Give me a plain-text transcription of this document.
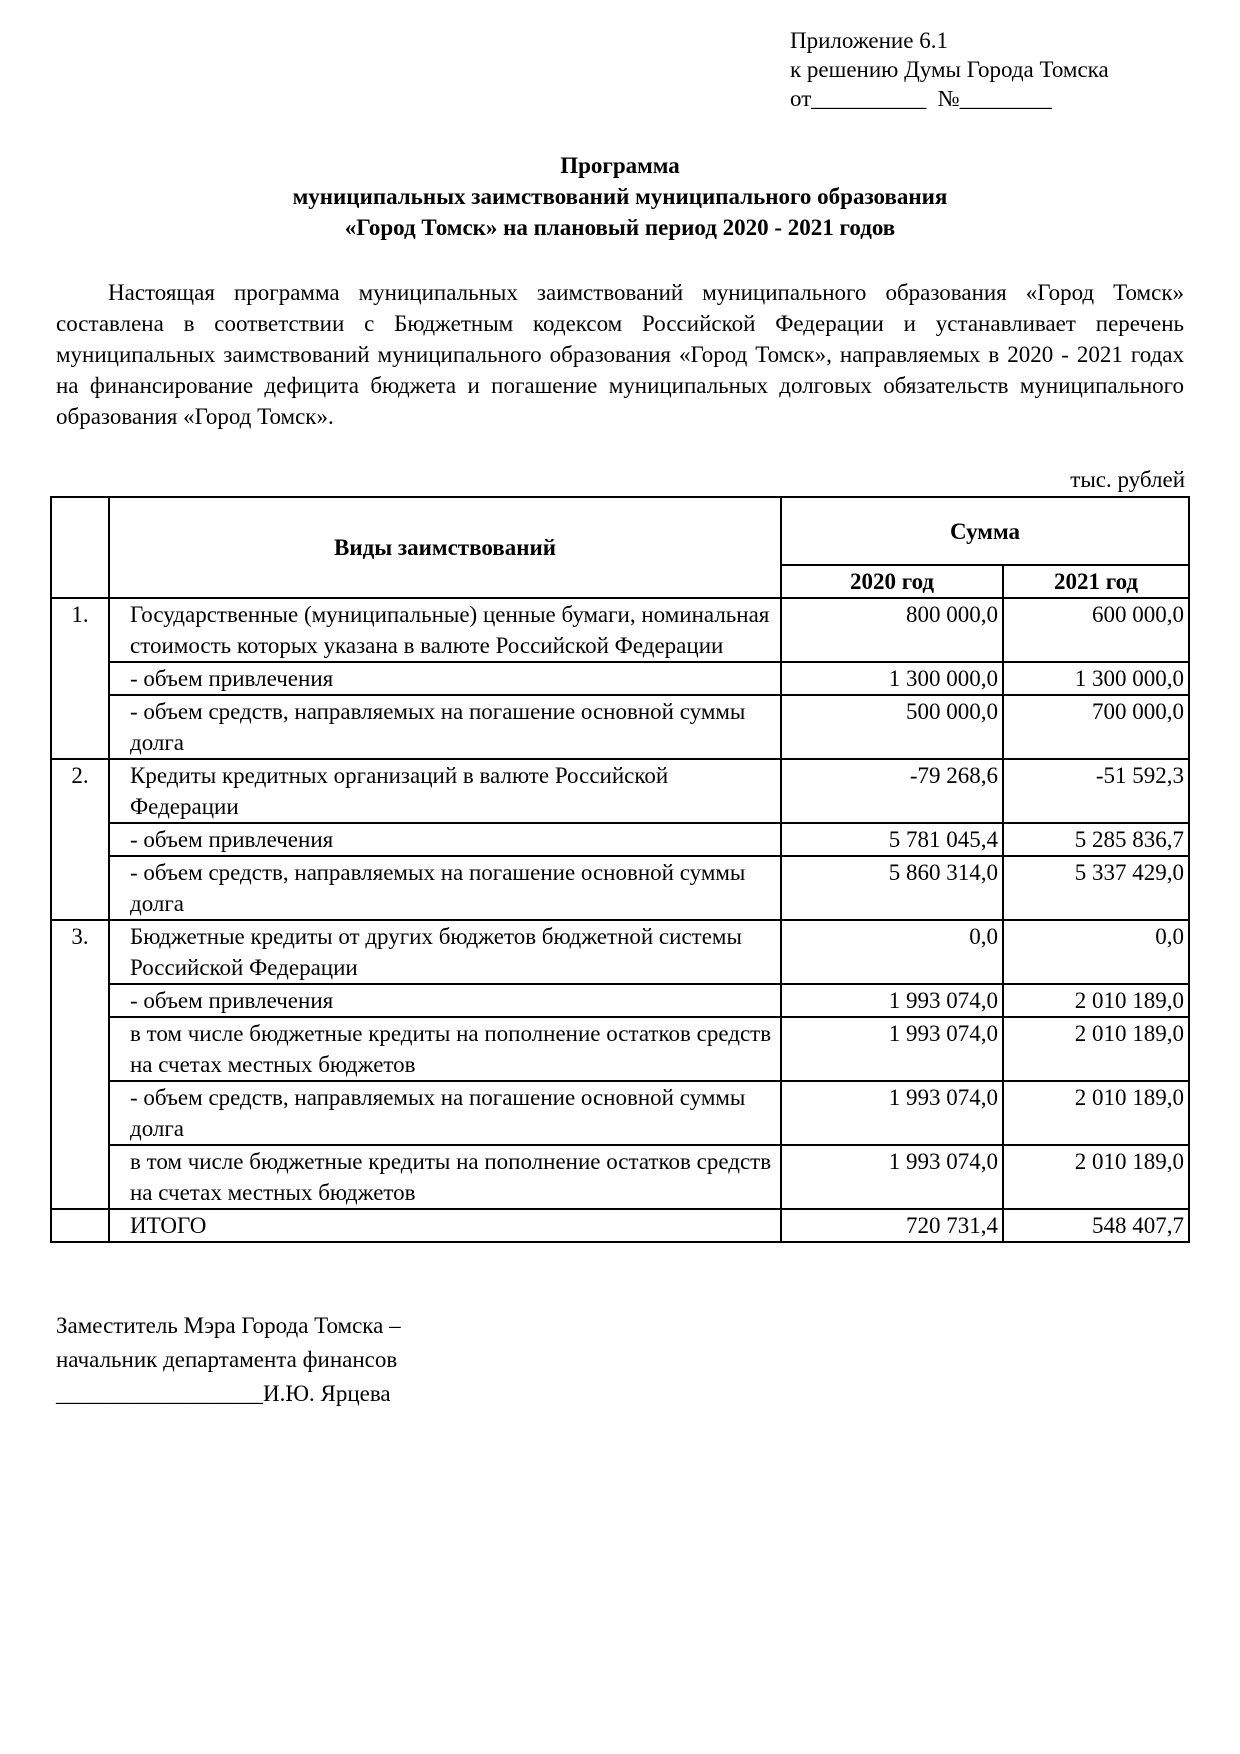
Приложение 6.1
к решению Думы Города Томска
от__________  №________
Программа
муниципальных заимствований муниципального образования
«Город Томск» на плановый период 2020 - 2021 годов

Настоящая программа муниципальных заимствований муниципального образования «Город Томск» составлена в соответствии с Бюджетным кодексом Российской Федерации и устанавливает перечень муниципальных заимствований муниципального образования «Город Томск», направляемых в 2020 - 2021 годах на финансирование дефицита бюджета и погашение муниципальных долговых обязательств муниципального образования «Город Томск».

тыс. рублей
	Виды заимствований	Сумма	
		2020 год	2021 год
1.	Государственные (муниципальные) ценные бумаги, номинальная стоимость которых указана в валюте Российской Федерации	800 000,0	600 000,0
	- объем привлечения	1 300 000,0	1 300 000,0
	- объем средств, направляемых на погашение основной суммы долга	500 000,0	700 000,0
2.	Кредиты кредитных организаций в валюте Российской Федерации	-79 268,6	-51 592,3
	- объем привлечения	5 781 045,4	5 285 836,7
	- объем средств, направляемых на погашение основной суммы долга	5 860 314,0	5 337 429,0
3.	Бюджетные кредиты от других бюджетов бюджетной системы Российской Федерации	0,0	0,0
	- объем привлечения	1 993 074,0	2 010 189,0
	в том числе бюджетные кредиты на пополнение остатков средств на счетах местных бюджетов	1 993 074,0	2 010 189,0
	- объем средств, направляемых на погашение основной суммы долга	1 993 074,0	2 010 189,0
	в том числе бюджетные кредиты на пополнение остатков средств на счетах местных бюджетов	1 993 074,0	2 010 189,0
	ИТОГО	720 731,4	548 407,7
Заместитель Мэра Города Томска –
начальник департамента финансов
__________________И.Ю. Ярцева
